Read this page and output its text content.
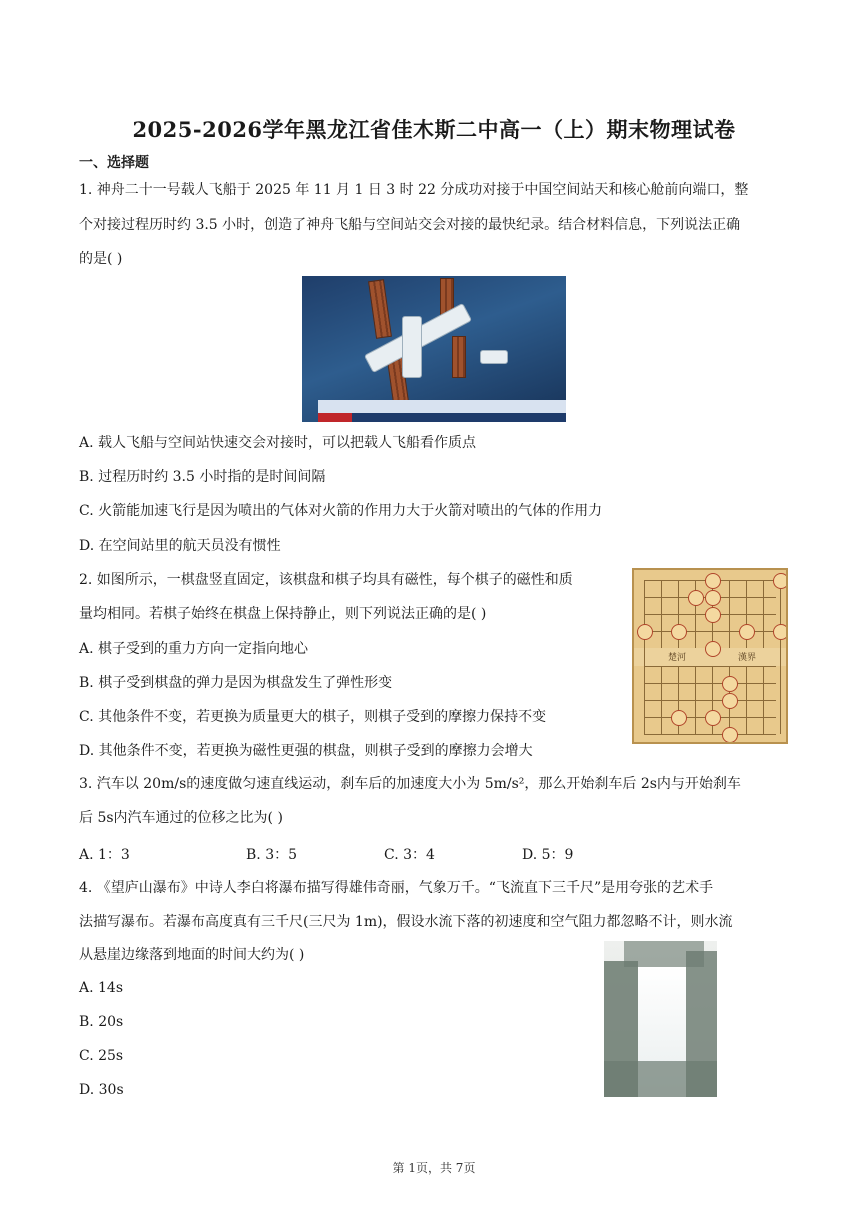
2025-2026学年黑龙江省佳木斯二中高一（上）期末物理试卷
一、选择题
1. 神舟二十一号载人飞船于 2025 年 11 月 1 日 3 时 22 分成功对接于中国空间站天和核心舱前向端口，整
个对接过程历时约 3.5 小时，创造了神舟飞船与空间站交会对接的最快纪录。结合材料信息，下列说法正确
的是( )
A. 载人飞船与空间站快速交会对接时，可以把载人飞船看作质点
B. 过程历时约 3.5 小时指的是时间间隔
C. 火箭能加速飞行是因为喷出的气体对火箭的作用力大于火箭对喷出的气体的作用力
D. 在空间站里的航天员没有惯性
2. 如图所示，一棋盘竖直固定，该棋盘和棋子均具有磁性，每个棋子的磁性和质
量均相同。若棋子始终在棋盘上保持静止，则下列说法正确的是( )
A. 棋子受到的重力方向一定指向地心
B. 棋子受到棋盘的弹力是因为棋盘发生了弹性形变
C. 其他条件不变，若更换为质量更大的棋子，则棋子受到的摩擦力保持不变
D. 其他条件不变，若更换为磁性更强的棋盘，则棋子受到的摩擦力会增大
楚河	漢界
3. 汽车以 20m/s的速度做匀速直线运动，刹车后的加速度大小为 5m/s²，那么开始刹车后 2s内与开始刹车
后 5s内汽车通过的位移之比为( )
A. 1：3	B. 3：5	C. 3：4	D. 5：9
4. 《望庐山瀑布》中诗人李白将瀑布描写得雄伟奇丽，气象万千。“飞流直下三千尺”是用夸张的艺术手
法描写瀑布。若瀑布高度真有三千尺(三尺为 1m)，假设水流下落的初速度和空气阻力都忽略不计，则水流
从悬崖边缘落到地面的时间大约为( )
A. 14s
B. 20s
C. 25s
D. 30s
第 1页，共 7页
